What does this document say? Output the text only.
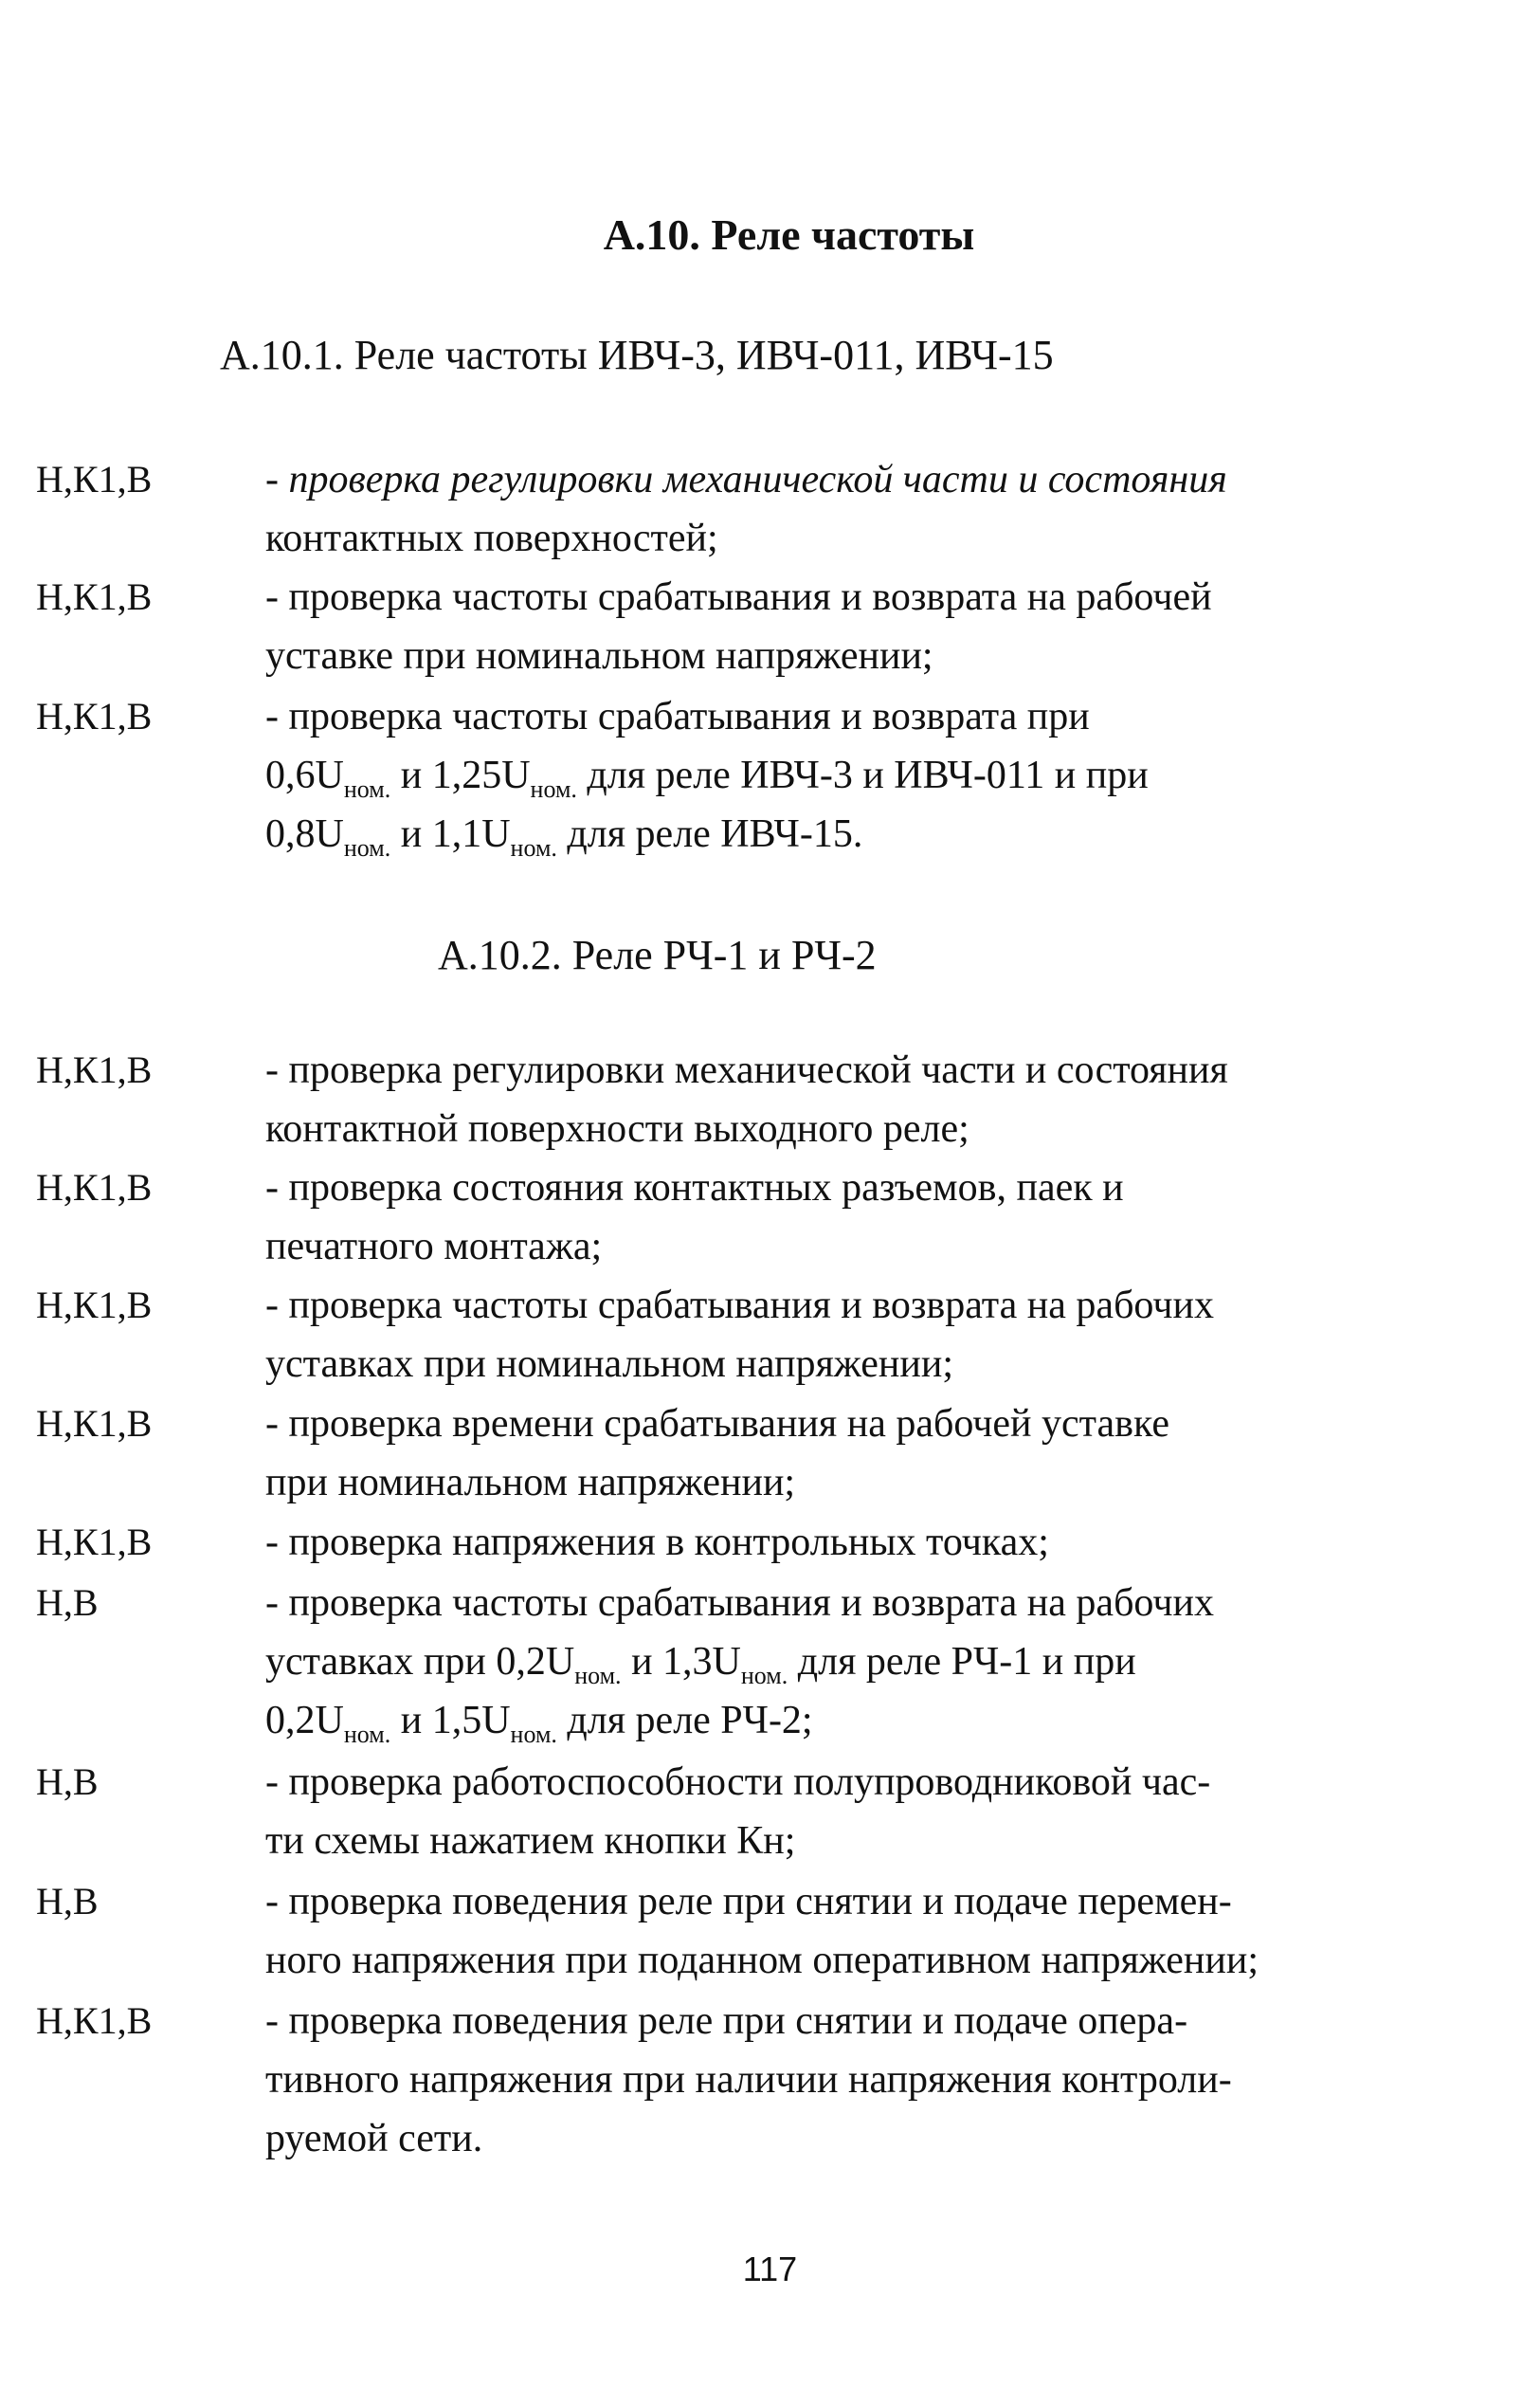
А.10. Реле частоты
А.10.1. Реле частоты ИВЧ-3, ИВЧ-011, ИВЧ-15
Н,К1,В	- проверка регулировки механической части и состояния
контактных поверхностей;
Н,К1,В	- проверка частоты срабатывания и возврата на рабочей
уставке при номинальном напряжении;
Н,К1,В	- проверка частоты срабатывания и возврата при
$0,6U_{ном.}$ и $1,25U_{ном.}$ для реле ИВЧ-3 и ИВЧ-011 и при
$0,8U_{ном.}$ и $1,1U_{ном.}$ для реле ИВЧ-15.
А.10.2. Реле РЧ-1 и РЧ-2
Н,К1,В	- проверка регулировки механической части и состояния
контактной поверхности выходного реле;
Н,К1,В	- проверка состояния контактных разъемов, паек и
печатного монтажа;
Н,К1,В	- проверка частоты срабатывания и возврата на рабочих
уставках при номинальном напряжении;
Н,К1,В	- проверка времени срабатывания на рабочей уставке
при номинальном напряжении;
Н,К1,В	- проверка напряжения в контрольных точках;
Н,В	- проверка частоты срабатывания и возврата на рабочих
уставках при $0,2U_{ном.}$ и $1,3U_{ном.}$ для реле РЧ-1 и при
$0,2U_{ном.}$ и $1,5U_{ном.}$ для реле РЧ-2;
Н,В	- проверка работоспособности полупроводниковой час-
ти схемы нажатием кнопки Кн;
Н,В	- проверка поведения реле при снятии и подаче перемен-
ного напряжения при поданном оперативном напряжении;
Н,К1,В	- проверка поведения реле при снятии и подаче опера-
тивного напряжения при наличии напряжения контроли-
руемой сети.
117
